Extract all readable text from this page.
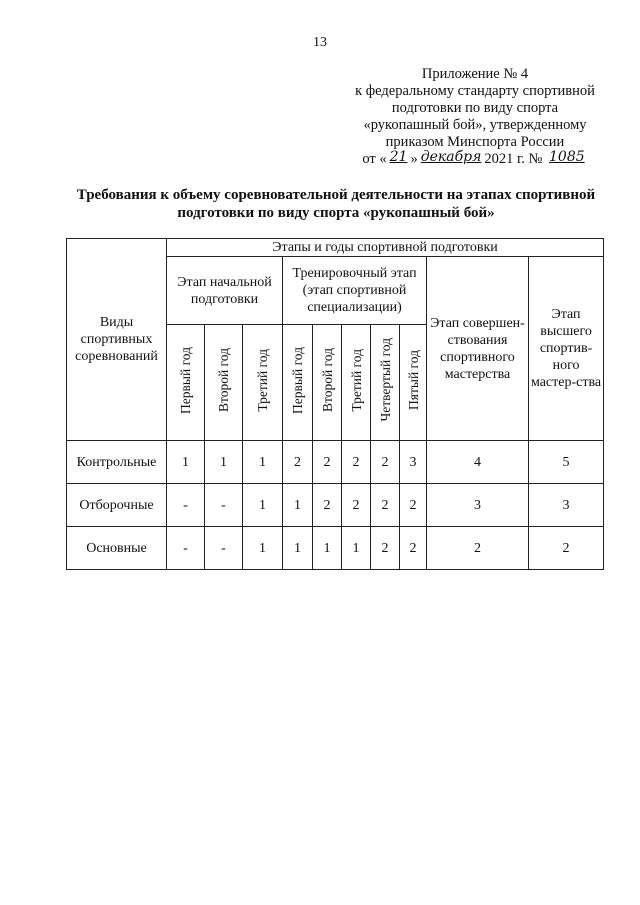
13
Приложение № 4
к федеральному стандарту спортивной
подготовки по виду спорта
«рукопашный бой», утвержденному
приказом Минспорта России
от « 21 » декабря 2021 г. № 1085
Требования к объему соревновательной деятельности на этапах спортивной
подготовки по виду спорта «рукопашный бой»
Виды спортивных соревнований	Этапы и годы спортивной подготовки									
	Этап начальной подготовки			Тренировочный этап (этап спортивной специализации)					Этап совершен-ствования спортивного мастерства	Этап высшего спортив-ного мастер-ства
	Первый год	Второй год	Третий год	Первый год	Второй год	Третий год	Четвертый год	Пятый год		
Контрольные	1	1	1	2	2	2	2	3	4	5
Отборочные	-	-	1	1	2	2	2	2	3	3
Основные	-	-	1	1	1	1	2	2	2	2
